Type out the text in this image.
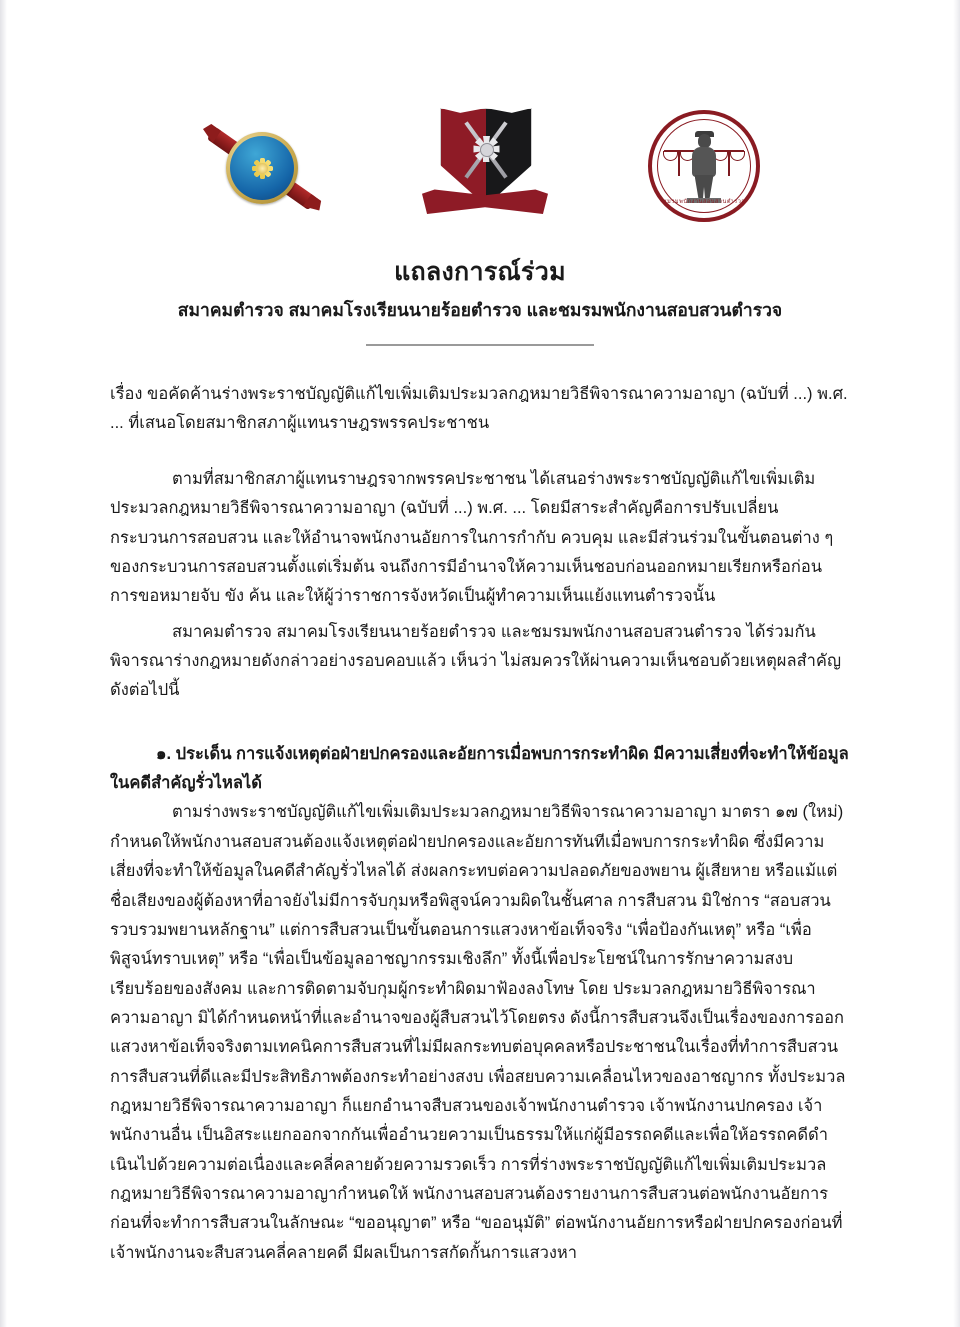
ชมรมพนักงานสอบสวนตำรวจ
แถลงการณ์ร่วม
สมาคมตำรวจ สมาคมโรงเรียนนายร้อยตำรวจ และชมรมพนักงานสอบสวนตำรวจ

เรื่อง ขอคัดค้านร่างพระราชบัญญัติแก้ไขเพิ่มเติมประมวลกฎหมายวิธีพิจารณาความอาญา (ฉบับที่ ...) พ.ศ. ... ที่เสนอโดยสมาชิกสภาผู้แทนราษฎรพรรคประชาชน

ตามที่สมาชิกสภาผู้แทนราษฎรจากพรรคประชาชน ได้เสนอร่างพระราชบัญญัติแก้ไขเพิ่มเติมประมวลกฎหมายวิธีพิจารณาความอาญา (ฉบับที่ ...) พ.ศ. ... โดยมีสาระสำคัญคือการปรับเปลี่ยนกระบวนการสอบสวน และให้อำนาจพนักงานอัยการในการกำกับ ควบคุม และมีส่วนร่วมในขั้นตอนต่าง ๆ ของกระบวนการสอบสวนตั้งแต่เริ่มต้น จนถึงการมีอำนาจให้ความเห็นชอบก่อนออกหมายเรียกหรือก่อนการขอหมายจับ ขัง ค้น และให้ผู้ว่าราชการจังหวัดเป็นผู้ทำความเห็นแย้งแทนตำรวจนั้น

สมาคมตำรวจ สมาคมโรงเรียนนายร้อยตำรวจ และชมรมพนักงานสอบสวนตำรวจ ได้ร่วมกันพิจารณาร่างกฎหมายดังกล่าวอย่างรอบคอบแล้ว เห็นว่า ไม่สมควรให้ผ่านความเห็นชอบด้วยเหตุผลสำคัญดังต่อไปนี้

๑. ประเด็น การแจ้งเหตุต่อฝ่ายปกครองและอัยการเมื่อพบการกระทำผิด มีความเสี่ยงที่จะทำให้ข้อมูลในคดีสำคัญรั่วไหลได้

ตามร่างพระราชบัญญัติแก้ไขเพิ่มเติมประมวลกฎหมายวิธีพิจารณาความอาญา มาตรา ๑๗ (ใหม่) กำหนดให้พนักงานสอบสวนต้องแจ้งเหตุต่อฝ่ายปกครองและอัยการทันทีเมื่อพบการกระทำผิด ซึ่งมีความเสี่ยงที่จะทำให้ข้อมูลในคดีสำคัญรั่วไหลได้ ส่งผลกระทบต่อความปลอดภัยของพยาน ผู้เสียหาย หรือแม้แต่ชื่อเสียงของผู้ต้องหาที่อาจยังไม่มีการจับกุมหรือพิสูจน์ความผิดในชั้นศาล การสืบสวน มิใช่การ “สอบสวนรวบรวมพยานหลักฐาน” แต่การสืบสวนเป็นขั้นตอนการแสวงหาข้อเท็จจริง “เพื่อป้องกันเหตุ” หรือ “เพื่อพิสูจน์ทราบเหตุ” หรือ “เพื่อเป็นข้อมูลอาชญากรรมเชิงลึก” ทั้งนี้เพื่อประโยชน์ในการรักษาความสงบเรียบร้อยของสังคม และการติดตามจับกุมผู้กระทำผิดมาฟ้องลงโทษ โดย ประมวลกฎหมายวิธีพิจารณาความอาญา มิได้กำหนดหน้าที่และอำนาจของผู้สืบสวนไว้โดยตรง ดังนี้การสืบสวนจึงเป็นเรื่องของการออกแสวงหาข้อเท็จจริงตามเทคนิคการสืบสวนที่ไม่มีผลกระทบต่อบุคคลหรือประชาชนในเรื่องที่ทำการสืบสวน การสืบสวนที่ดีและมีประสิทธิภาพต้องกระทำอย่างสงบ เพื่อสยบความเคลื่อนไหวของอาชญากร ทั้งประมวลกฎหมายวิธีพิจารณาความอาญา ก็แยกอำนาจสืบสวนของเจ้าพนักงานตำรวจ เจ้าพนักงานปกครอง เจ้าพนักงานอื่น เป็นอิสระแยกออกจากกันเพื่ออำนวยความเป็นธรรมให้แก่ผู้มีอรรถคดีและเพื่อให้อรรถคดีดำเนินไปด้วยความต่อเนื่องและคลี่คลายด้วยความรวดเร็ว การที่ร่างพระราชบัญญัติแก้ไขเพิ่มเติมประมวลกฎหมายวิธีพิจารณาความอาญากำหนดให้ พนักงานสอบสวนต้องรายงานการสืบสวนต่อพนักงานอัยการก่อนที่จะทำการสืบสวนในลักษณะ “ขออนุญาต” หรือ “ขออนุมัติ” ต่อพนักงานอัยการหรือฝ่ายปกครองก่อนที่เจ้าพนักงานจะสืบสวนคลี่คลายคดี มีผลเป็นการสกัดกั้นการแสวงหา
